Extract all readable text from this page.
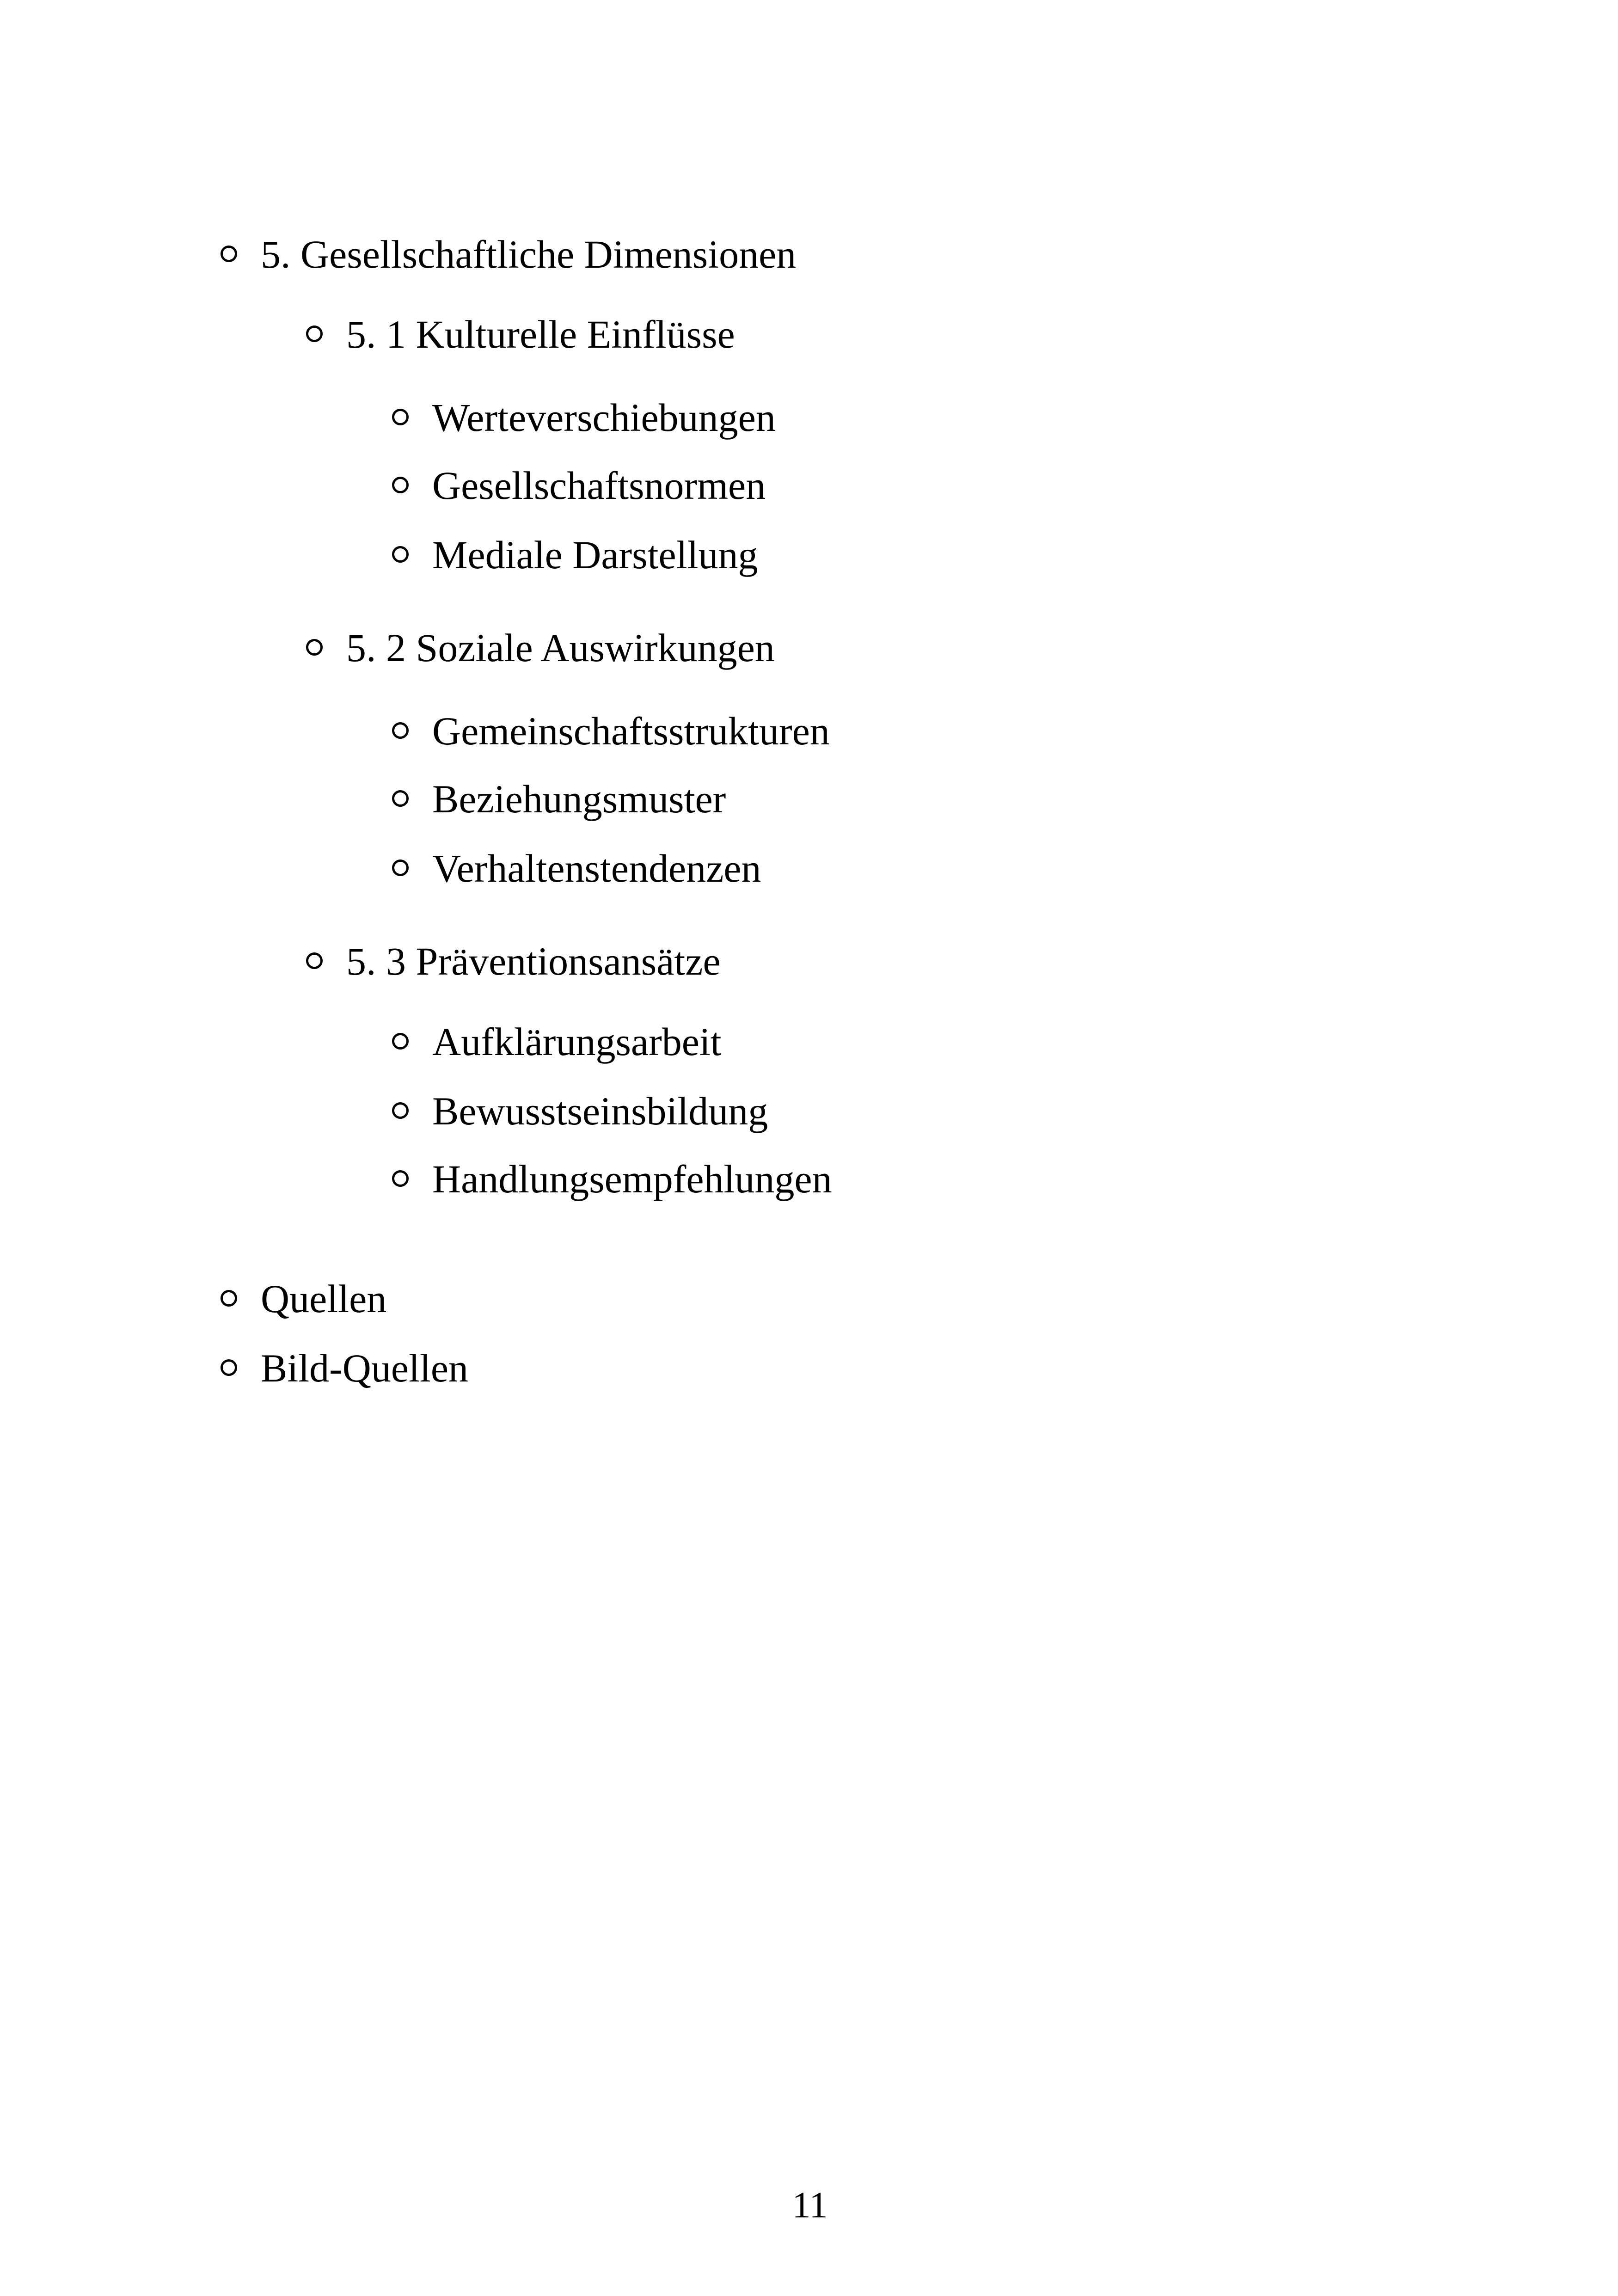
5. Gesellschaftliche Dimensionen
5. 1 Kulturelle Einflüsse
Werteverschiebungen
Gesellschaftsnormen
Mediale Darstellung
5. 2 Soziale Auswirkungen
Gemeinschaftsstrukturen
Beziehungsmuster
Verhaltenstendenzen
5. 3 Präventionsansätze
Aufklärungsarbeit
Bewusstseinsbildung
Handlungsempfehlungen
Quellen
Bild-Quellen
11
